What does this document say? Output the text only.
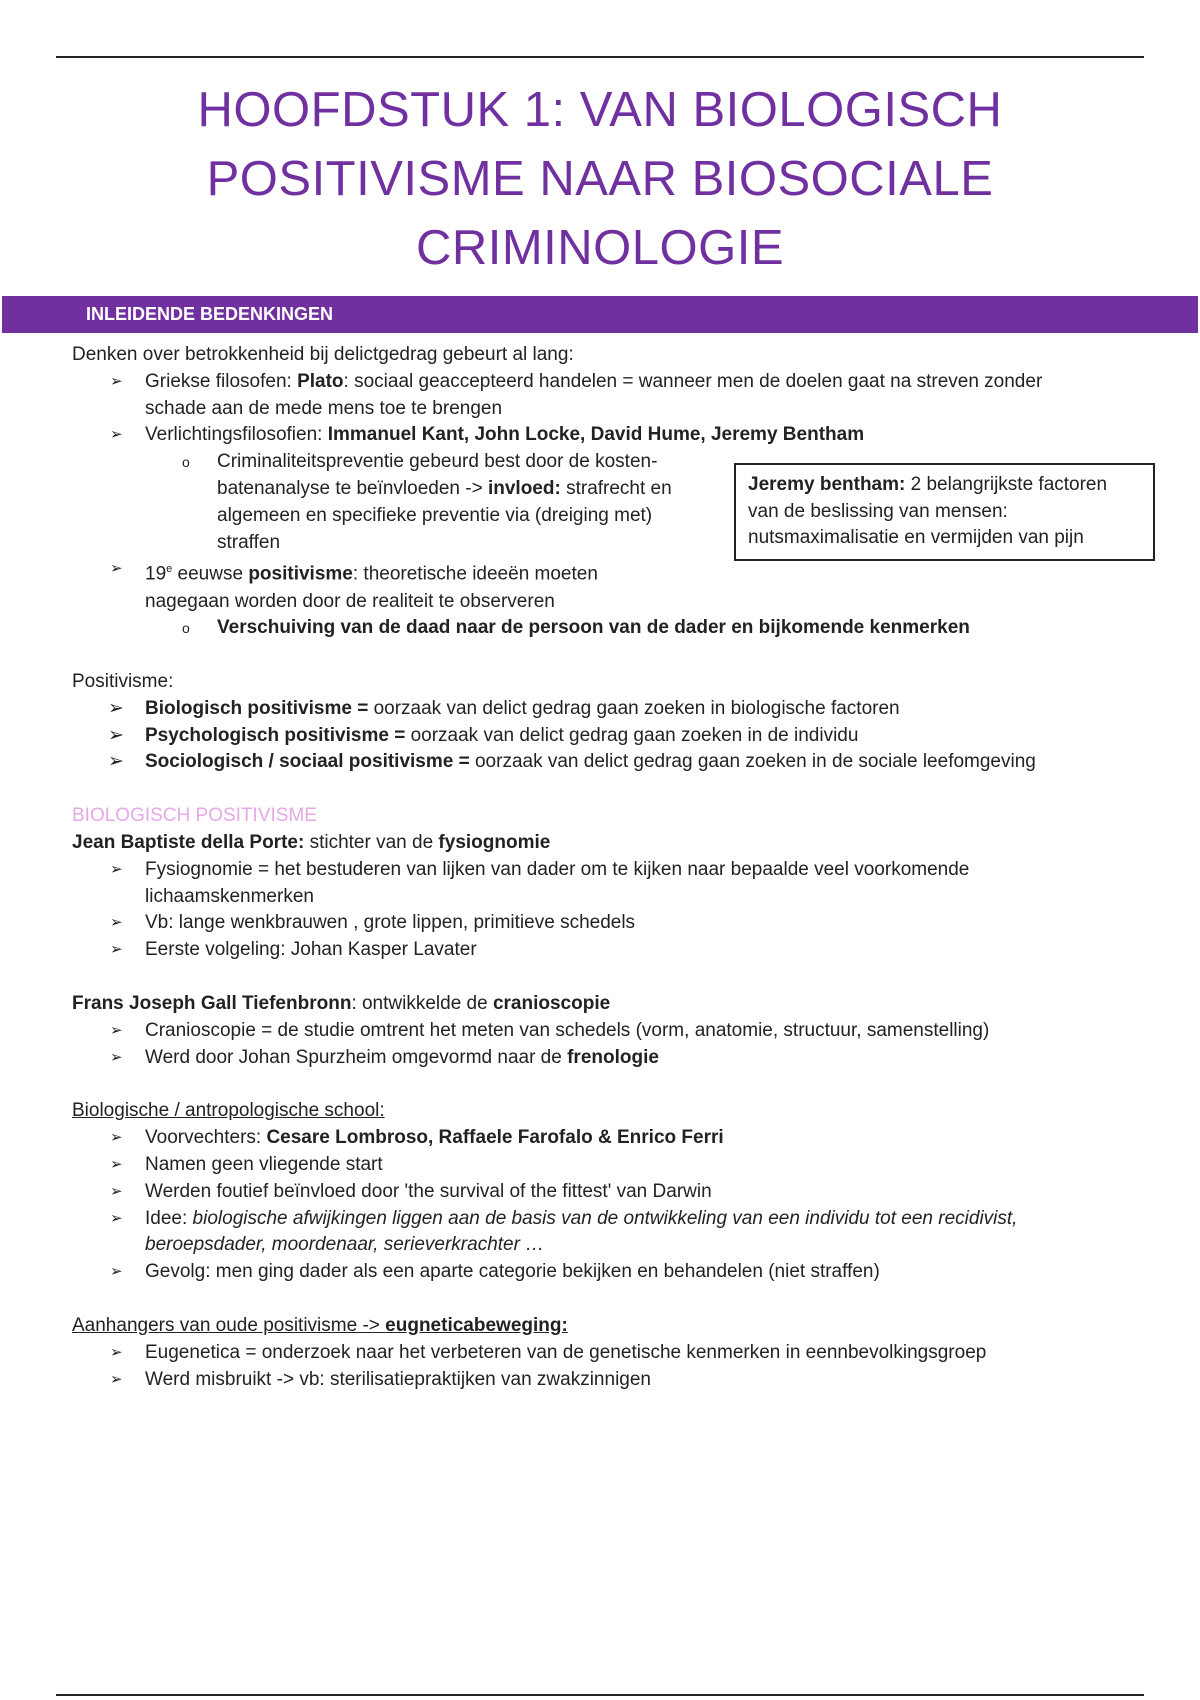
HOOFDSTUK 1: VAN BIOLOGISCH
POSITIVISME NAAR BIOSOCIALE
CRIMINOLOGIE
INLEIDENDE BEDENKINGEN
Jeremy bentham: 2 belangrijkste factoren
van de beslissing van mensen:
nutsmaximalisatie en vermijden van pijn
Denken over betrokkenheid bij delictgedrag gebeurt al lang:
➢ Griekse filosofen: Plato: sociaal geaccepteerd handelen = wanneer men de doelen gaat na streven zonder
schade aan de mede mens toe te brengen
➢ Verlichtingsfilosofien: Immanuel Kant, John Locke, David Hume, Jeremy Bentham
o Criminaliteitspreventie gebeurd best door de kosten-
batenanalyse te beïnvloeden -> invloed: strafrecht en
algemeen en specifieke preventie via (dreiging met)
straffen
➢ 19e eeuwse positivisme: theoretische ideeën moeten
nagegaan worden door de realiteit te observeren
o Verschuiving van de daad naar de persoon van de dader en bijkomende kenmerken
Positivisme:
➢ Biologisch positivisme = oorzaak van delict gedrag gaan zoeken in biologische factoren
➢ Psychologisch positivisme = oorzaak van delict gedrag gaan zoeken in de individu
➢ Sociologisch / sociaal positivisme = oorzaak van delict gedrag gaan zoeken in de sociale leefomgeving
BIOLOGISCH POSITIVISME
Jean Baptiste della Porte: stichter van de fysiognomie
➢ Fysiognomie = het bestuderen van lijken van dader om te kijken naar bepaalde veel voorkomende
lichaamskenmerken
➢ Vb: lange wenkbrauwen , grote lippen, primitieve schedels
➢ Eerste volgeling: Johan Kasper Lavater
Frans Joseph Gall Tiefenbronn: ontwikkelde de cranioscopie
➢ Cranioscopie = de studie omtrent het meten van schedels (vorm, anatomie, structuur, samenstelling)
➢ Werd door Johan Spurzheim omgevormd naar de frenologie
Biologische / antropologische school:
➢ Voorvechters: Cesare Lombroso, Raffaele Farofalo & Enrico Ferri
➢ Namen geen vliegende start
➢ Werden foutief beïnvloed door 'the survival of the fittest' van Darwin
➢ Idee: biologische afwijkingen liggen aan de basis van de ontwikkeling van een individu tot een recidivist,
beroepsdader, moordenaar, serieverkrachter …
➢ Gevolg: men ging dader als een aparte categorie bekijken en behandelen (niet straffen)
Aanhangers van oude positivisme -> eugneticabeweging:
➢ Eugenetica = onderzoek naar het verbeteren van de genetische kenmerken in eennbevolkingsgroep
➢ Werd misbruikt -> vb: sterilisatiepraktijken van zwakzinnigen
